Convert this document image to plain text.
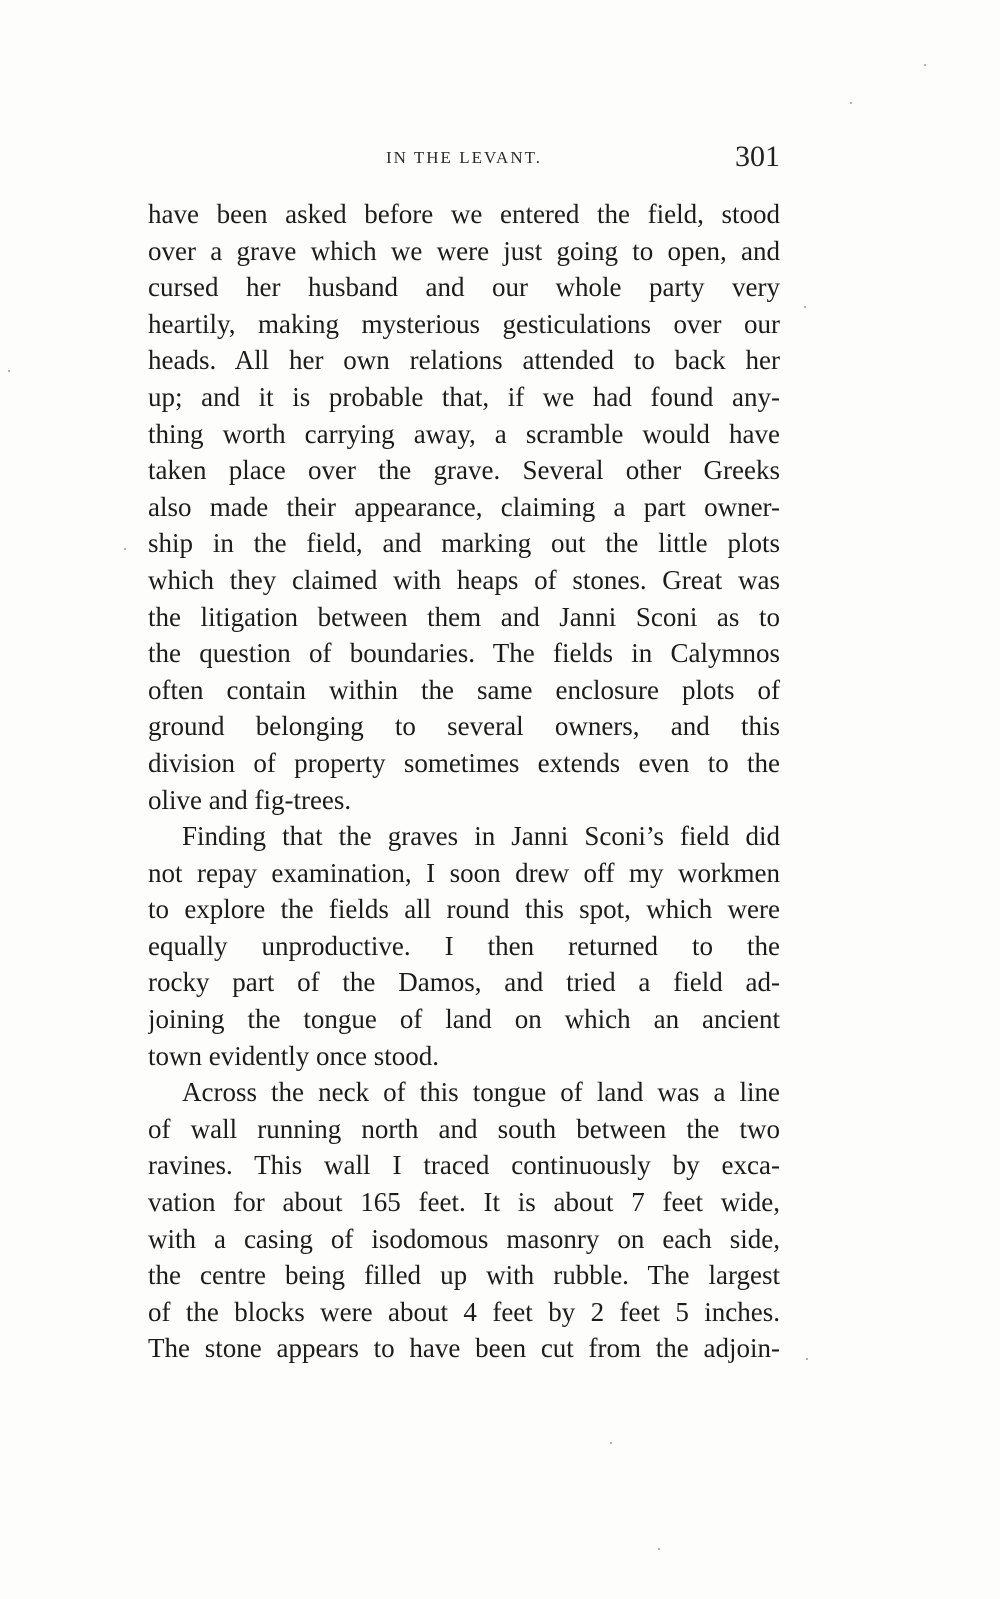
IN THE LEVANT.	301
have been asked before we entered the field, stood
over a grave which we were just going to open, and
cursed her husband and our whole party very
heartily, making mysterious gesticulations over our
heads. All her own relations attended to back her
up; and it is probable that, if we had found any-
thing worth carrying away, a scramble would have
taken place over the grave. Several other Greeks
also made their appearance, claiming a part owner-
ship in the field, and marking out the little plots
which they claimed with heaps of stones. Great was
the litigation between them and Janni Sconi as to
the question of boundaries. The fields in Calymnos
often contain within the same enclosure plots of
ground belonging to several owners, and this
division of property sometimes extends even to the
olive and fig-trees.
Finding that the graves in Janni Sconi’s field did
not repay examination, I soon drew off my workmen
to explore the fields all round this spot, which were
equally unproductive. I then returned to the
rocky part of the Damos, and tried a field ad-
joining the tongue of land on which an ancient
town evidently once stood.
Across the neck of this tongue of land was a line
of wall running north and south between the two
ravines. This wall I traced continuously by exca-
vation for about 165 feet. It is about 7 feet wide,
with a casing of isodomous masonry on each side,
the centre being filled up with rubble. The largest
of the blocks were about 4 feet by 2 feet 5 inches.
The stone appears to have been cut from the adjoin-
